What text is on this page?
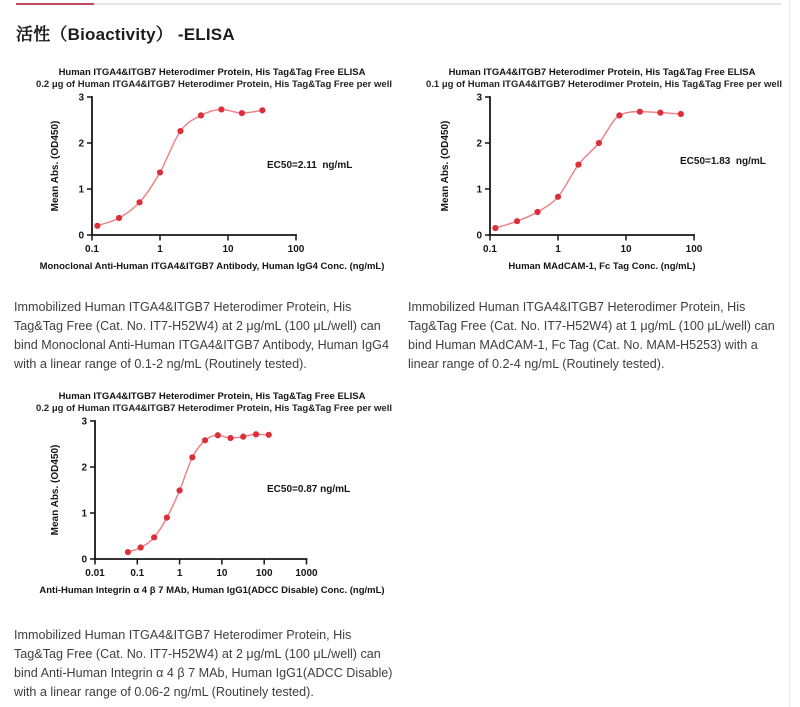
活性（Bioactivity） -ELISA
Human ITGA4&ITGB7 Heterodimer Protein, His Tag&Tag Free ELISA
0.2 μg of Human ITGA4&ITGB7 Heterodimer Protein, His Tag&Tag Free per well
0
1
2
3
0.1	1	10	100
Mean Abs. (OD450)	EC50=2.11  ng/mL
Monoclonal Anti-Human ITGA4&ITGB7 Antibody, Human IgG4 Conc. (ng/mL)
Human ITGA4&ITGB7 Heterodimer Protein, His Tag&Tag Free ELISA
0.1 μg of Human ITGA4&ITGB7 Heterodimer Protein, His Tag&Tag Free per well
0
1
2
3
0.1	1	10	100
Mean Abs. (OD450)	EC50=1.83  ng/mL
Human MAdCAM-1, Fc Tag Conc. (ng/mL)

Immobilized Human ITGA4&ITGB7 Heterodimer Protein, His Tag&Tag Free (Cat. No. IT7-H52W4) at 2 μg/mL (100 μL/well) can bind Monoclonal Anti-Human ITGA4&ITGB7 Antibody, Human IgG4 with a linear range of 0.1-2 ng/mL (Routinely tested).

Immobilized Human ITGA4&ITGB7 Heterodimer Protein, His Tag&Tag Free (Cat. No. IT7-H52W4) at 1 μg/mL (100 μL/well) can bind Human MAdCAM-1, Fc Tag (Cat. No. MAM-H5253) with a linear range of 0.2-4 ng/mL (Routinely tested).

Human ITGA4&ITGB7 Heterodimer Protein, His Tag&Tag Free ELISA
0.2 μg of Human ITGA4&ITGB7 Heterodimer Protein, His Tag&Tag Free per well
0
1
2
3
0.01	0.1	1	10	100 1000
Mean Abs. (OD450)	EC50=0.87 ng/mL
Anti-Human Integrin α 4 β 7 MAb, Human IgG1(ADCC Disable) Conc. (ng/mL)

Immobilized Human ITGA4&ITGB7 Heterodimer Protein, His Tag&Tag Free (Cat. No. IT7-H52W4) at 2 μg/mL (100 μL/well) can bind Anti-Human Integrin α 4 β 7 MAb, Human IgG1(ADCC Disable) with a linear range of 0.06-2 ng/mL (Routinely tested).
